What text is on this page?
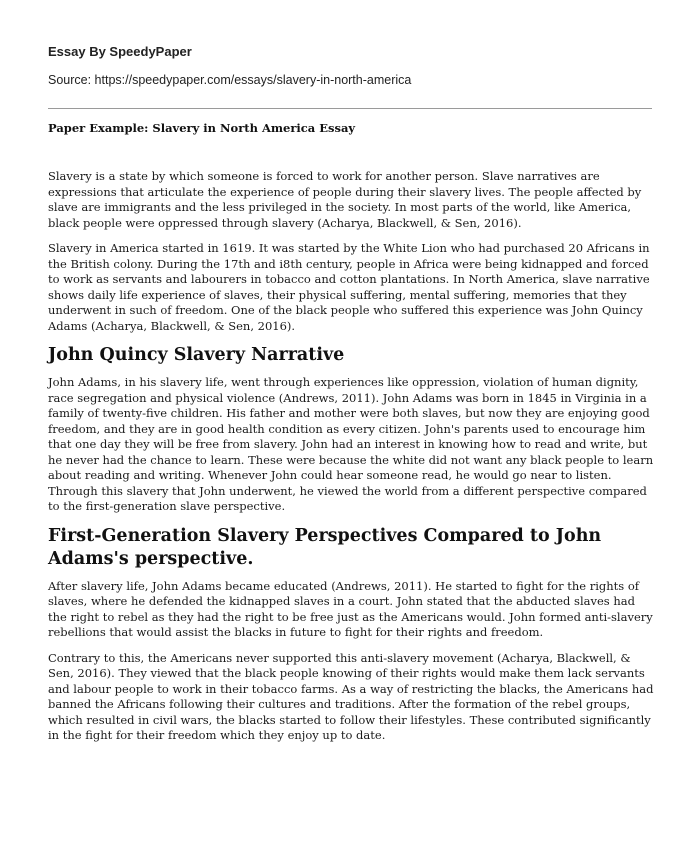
Essay By SpeedyPaper
Source: https://speedypaper.com/essays/slavery-in-north-america
Paper Example: Slavery in North America Essay

Slavery is a state by which someone is forced to work for another person. Slave narratives are expressions that articulate the experience of people during their slavery lives. The people affected by slave are immigrants and the less privileged in the society. In most parts of the world, like America, black people were oppressed through slavery (Acharya, Blackwell, & Sen, 2016).

Slavery in America started in 1619. It was started by the White Lion who had purchased 20 Africans in the British colony. During the 17th and i8th century, people in Africa were being kidnapped and forced to work as servants and labourers in tobacco and cotton plantations. In North America, slave narrative shows daily life experience of slaves, their physical suffering, mental suffering, memories that they underwent in such of freedom. One of the black people who suffered this experience was John Quincy Adams (Acharya, Blackwell, & Sen, 2016).

John Quincy Slavery Narrative

John Adams, in his slavery life, went through experiences like oppression, violation of human dignity, race segregation and physical violence (Andrews, 2011). John Adams was born in 1845 in Virginia in a family of twenty-five children. His father and mother were both slaves, but now they are enjoying good freedom, and they are in good health condition as every citizen. John's parents used to encourage him that one day they will be free from slavery. John had an interest in knowing how to read and write, but he never had the chance to learn. These were because the white did not want any black people to learn about reading and writing. Whenever John could hear someone read, he would go near to listen. Through this slavery that John underwent, he viewed the world from a different perspective compared to the first-generation slave perspective.

First-Generation Slavery Perspectives Compared to John Adams's perspective.

After slavery life, John Adams became educated (Andrews, 2011). He started to fight for the rights of slaves, where he defended the kidnapped slaves in a court. John stated that the abducted slaves had the right to rebel as they had the right to be free just as the Americans would. John formed anti-slavery rebellions that would assist the blacks in future to fight for their rights and freedom.

Contrary to this, the Americans never supported this anti-slavery movement (Acharya, Blackwell, & Sen, 2016). They viewed that the black people knowing of their rights would make them lack servants and labour people to work in their tobacco farms. As a way of restricting the blacks, the Americans had banned the Africans following their cultures and traditions. After the formation of the rebel groups, which resulted in civil wars, the blacks started to follow their lifestyles. These contributed significantly in the fight for their freedom which they enjoy up to date.
